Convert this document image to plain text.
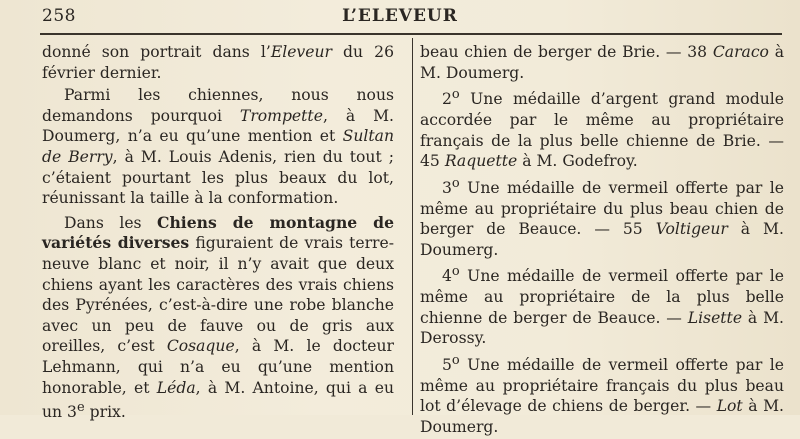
258	L’ELEVEUR

donné son portrait dans l’Eleveur du 26 février dernier.

Parmi les chiennes, nous nous demandons pourquoi Trompette, à M. Doumerg, n’a eu qu’une mention et Sultan de Berry, à M. Louis Adenis, rien du tout ; c’étaient pourtant les plus beaux du lot, réunissant la taille à la conformation.

Dans les Chiens de montagne de variétés diverses figuraient de vrais terre-neuve blanc et noir, il n’y avait que deux chiens ayant les caractères des vrais chiens des Pyrénées, c’est-à-dire une robe blanche avec un peu de fauve ou de gris aux oreilles, c’est Cosaque, à M. le docteur Lehmann, qui n’a eu qu’une mention honorable, et Léda, à M. Antoine, qui a eu un 3e prix.

beau chien de berger de Brie. — 38 Caraco à M. Doumerg.

2$^o$ Une médaille d’argent grand module accordée par le même au propriétaire français de la plus belle chienne de Brie. — 45 Raquette à M. Godefroy.

3$^o$ Une médaille de vermeil offerte par le même au propriétaire du plus beau chien de berger de Beauce. — 55 Voltigeur à M. Doumerg.

4$^o$ Une médaille de vermeil offerte par le même au propriétaire de la plus belle chienne de berger de Beauce. — Lisette à M. Derossy.

5$^o$ Une médaille de vermeil offerte par le même au propriétaire français du plus beau lot d’élevage de chiens de berger. — Lot à M. Doumerg.
